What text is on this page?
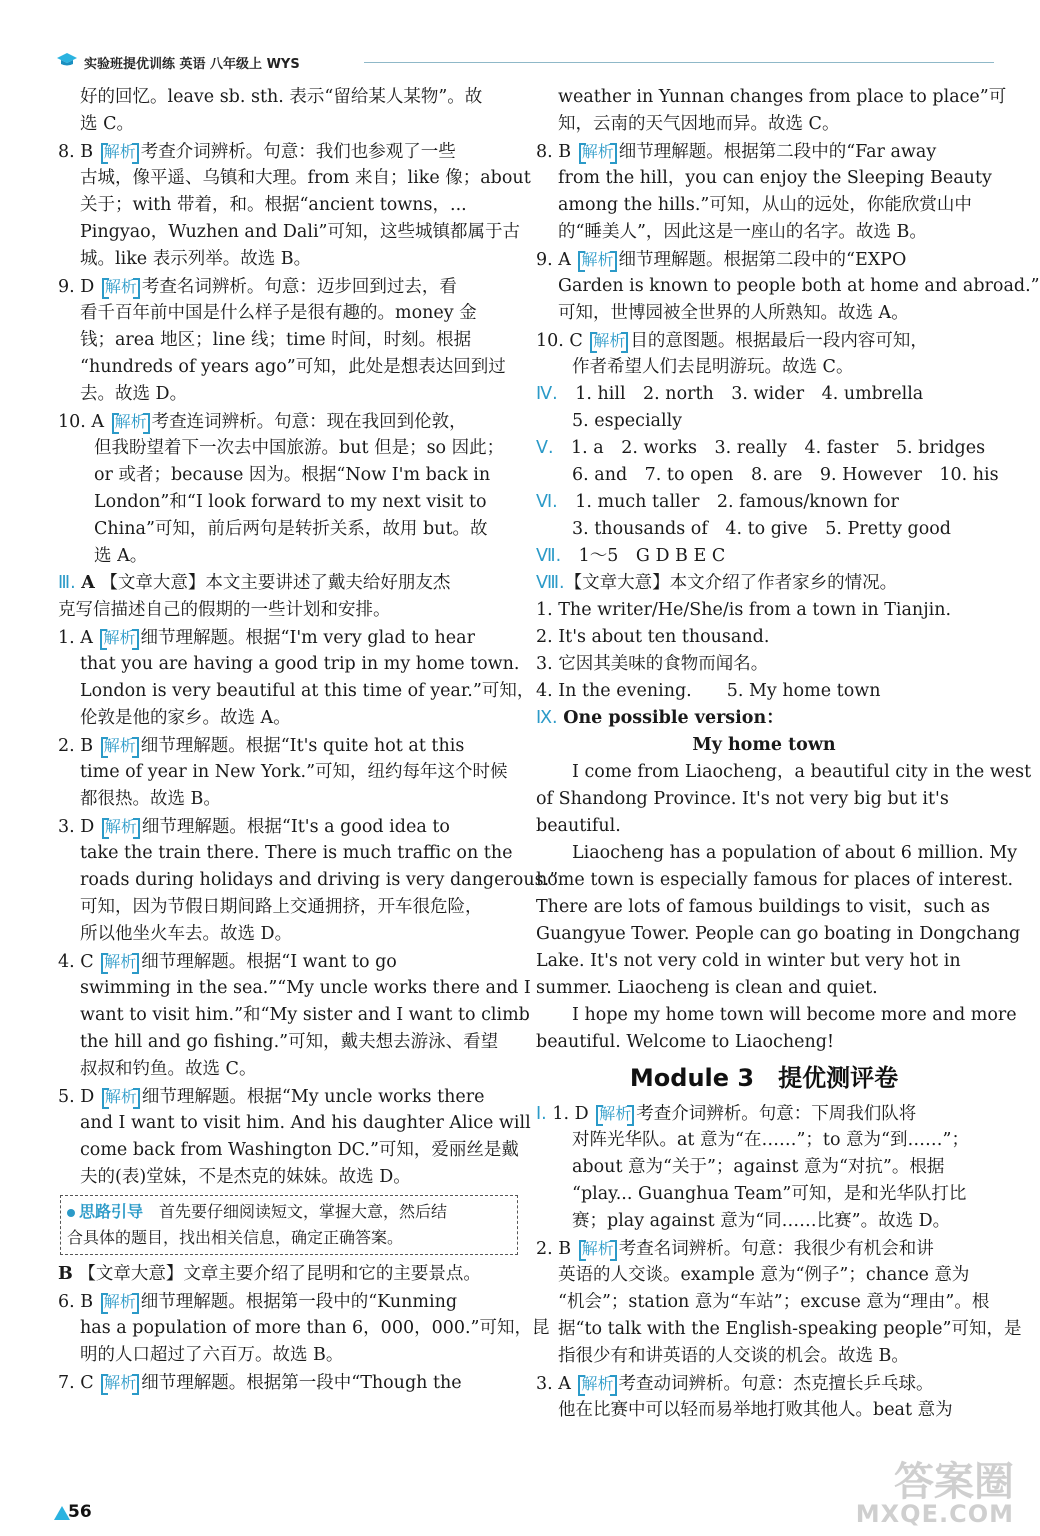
实验班提优训练 英语 八年级上 WYS
好的回忆。leave sb. sth. 表示“留给某人某物”。故
选 C。
8. B 解析 考查介词辨析。句意：我们也参观了一些
古城，像平遥、乌镇和大理。from 来自；like 像；about
关于；with 带着，和。根据“ancient towns，...
Pingyao，Wuzhen and Dali”可知，这些城镇都属于古
城。like 表示列举。故选 B。
9. D 解析 考查名词辨析。句意：迈步回到过去，看
看千百年前中国是什么样子是很有趣的。money 金
钱；area 地区；line 线；time 时间，时刻。根据
“hundreds of years ago”可知，此处是想表达回到过
去。故选 D。
10. A 解析 考查连词辨析。句意：现在我回到伦敦，
但我盼望着下一次去中国旅游。but 但是；so 因此；
or 或者；because 因为。根据“Now I'm back in
London”和“I look forward to my next visit to
China”可知，前后两句是转折关系，故用 but。故
选 A。
Ⅲ. A 【文章大意】本文主要讲述了戴夫给好朋友杰
克写信描述自己的假期的一些计划和安排。
1. A 解析 细节理解题。根据“I'm very glad to hear
that you are having a good trip in my home town.
London is very beautiful at this time of year.”可知，
伦敦是他的家乡。故选 A。
2. B 解析 细节理解题。根据“It's quite hot at this
time of year in New York.”可知，纽约每年这个时候
都很热。故选 B。
3. D 解析 细节理解题。根据“It's a good idea to
take the train there. There is much traffic on the
roads during holidays and driving is very dangerous.”
可知，因为节假日期间路上交通拥挤，开车很危险，
所以他坐火车去。故选 D。
4. C 解析 细节理解题。根据“I want to go
swimming in the sea.”“My uncle works there and I
want to visit him.”和“My sister and I want to climb
the hill and go fishing.”可知，戴夫想去游泳、看望
叔叔和钓鱼。故选 C。
5. D 解析 细节理解题。根据“My uncle works there
and I want to visit him. And his daughter Alice will
come back from Washington DC.”可知，爱丽丝是戴
夫的(表)堂妹，不是杰克的妹妹。故选 D。
思路引导　 首先要仔细阅读短文，掌握大意，然后结
合具体的题目，找出相关信息，确定正确答案。
B 【文章大意】文章主要介绍了昆明和它的主要景点。
6. B 解析 细节理解题。根据第一段中的“Kunming
has a population of more than 6，000，000.”可知，昆
明的人口超过了六百万。故选 B。
7. C 解析 细节理解题。根据第一段中“Though the
weather in Yunnan changes from place to place”可
知，云南的天气因地而异。故选 C。
8. B 解析 细节理解题。根据第二段中的“Far away
from the hill，you can enjoy the Sleeping Beauty
among the hills.”可知，从山的远处，你能欣赏山中
的“睡美人”，因此这是一座山的名字。故选 B。
9. A 解析 细节理解题。根据第二段中的“EXPO
Garden is known to people both at home and abroad.”
可知，世博园被全世界的人所熟知。故选 A。
10. C 解析 目的意图题。根据最后一段内容可知，
作者希望人们去昆明游玩。故选 C。
Ⅳ.　 1. hill　 2. north　 3. wider　 4. umbrella
5. especially
Ⅴ.　 1. a　 2. works　 3. really　 4. faster　 5. bridges
6. and　 7. to open　 8. are　 9. However　 10. his
Ⅵ.　 1. much taller　 2. famous/known for
3. thousands of　 4. to give　 5. Pretty good
Ⅶ.　 1～5　G D B E C
Ⅷ.【文章大意】本文介绍了作者家乡的情况。
1. The writer/He/She/is from a town in Tianjin.
2. It's about ten thousand.
3. 它因其美味的食物而闻名。
4. In the evening.　　 5. My home town
Ⅸ. One possible version：
My home town
I come from Liaocheng，a beautiful city in the west
of Shandong Province. It's not very big but it's
beautiful.
Liaocheng has a population of about 6 million. My
home town is especially famous for places of interest.
There are lots of famous buildings to visit，such as
Guangyue Tower. People can go boating in Dongchang
Lake. It's not very cold in winter but very hot in
summer. Liaocheng is clean and quiet.
I hope my home town will become more and more
beautiful. Welcome to Liaocheng!
Module 3　提优测评卷
Ⅰ. 1. D 解析 考查介词辨析。句意：下周我们队将
对阵光华队。at 意为“在……”；to 意为“到……”；
about 意为“关于”；against 意为“对抗”。根据
“play... Guanghua Team”可知，是和光华队打比
赛；play against 意为“同……比赛”。故选 D。
2. B 解析 考查名词辨析。句意：我很少有机会和讲
英语的人交谈。example 意为“例子”；chance 意为
“机会”；station 意为“车站”；excuse 意为“理由”。根
据“to talk with the English-speaking people”可知，是
指很少有和讲英语的人交谈的机会。故选 B。
3. A 解析 考查动词辨析。句意：杰克擅长乒乓球。
他在比赛中可以轻而易举地打败其他人。beat 意为
56
答案圈
MXQE.COM
